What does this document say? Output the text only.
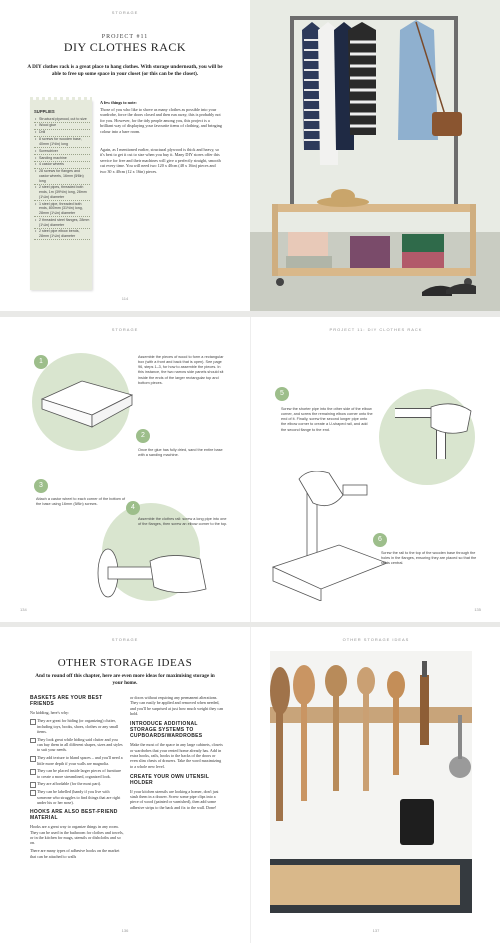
STORAGE
PROJECT #11
DIY CLOTHES RACK
A DIY clothes rack is a great place to hang clothes. With storage underneath, you will be able to free up some space in your closet (or this can be the closet).
SUPPLIES
• Structural plywood, cut to size
• Wood glue
• Drill
• 8 screws for wooden base, 40mm (1½in) long
• Screwdriver
• Sanding machine
• 4 castor wheels
• 28 screws for flanges and castor wheels, 16mm (5⁄8in) long
• 2 steel pipes, threaded both ends, 1m (39½in) long, 28mm (1¼in) diameter
• 1 steel pipe, threaded both ends, 800mm (31½in) long, 28mm (1¼in) diameter
• 2 threaded steel flanges, 28mm (1¼in) diameter
• 2 steel pipe elbow bends, 28mm (1¼in) diameter
A few things to note:

Those of you who like to shove as many clothes as possible into your wardrobe, force the doors closed and then run away, this is probably not for you. However, for the tidy people among you, this project is a brilliant way of displaying your favourite items of clothing, and bringing colour into a bare room.

Again, as I mentioned earlier, structural plywood is thick and heavy, so it's best to get it cut to size when you buy it. Many DIY stores offer this service for free and their machines will give a perfectly straight, smooth cut every time. You will need two 120 x 40cm (48 x 16in) pieces and two 30 x 40cm (12 x 16in) pieces.

114
STORAGE
1

Assemble the pieces of wood to form a rectangular box (with a front and back that is open). See page 96, steps 1–3, for how to assemble the pieces. In this instance, the two narrow side panels should sit inside the ends of the larger rectangular top and bottom pieces.

2

Once the glue has fully dried, sand the entire base with a sanding machine.

3

Attach a castor wheel to each corner of the bottom of the base using 16mm (5⁄8in) screws.	4

Assemble the clothes rail: screw a long pipe into one of the flanges, then screw an elbow corner to the top.

134
PROJECT 11: DIY CLOTHES RACK
5

Screw the shorter pipe into the other side of the elbow corner, and screw the remaining elbow corner onto the end of it. Finally, screw the second longer pipe onto the elbow corner to create a U-shaped rail, and add the second flange to the end.

6

Screw the rail to the top of the wooden base through the holes in the flanges, ensuring they are placed so that the rail is central.

135
STORAGE
OTHER STORAGE IDEAS
And to round off this chapter, here are even more ideas for maximising storage in your home.
BASKETS ARE YOUR BEST FRIENDS

No kidding, here's why:

They are great for hiding (or organizing) clutter, including toys, books, shoes, clothes or any small items.
They look great while hiding said clutter and you can buy them in all different shapes, sizes and styles to suit your needs.
They add texture to bland spaces – and you'll need a little more depth if your walls are magnolia.
They can be placed inside larger pieces of furniture to create a more streamlined, organized look.
They are affordable (for the most part).
They can be labelled (handy if you live with someone who struggles to find things that are right under his or her nose).
HOOKS ARE ALSO BEST-FRIEND MATERIAL

Hooks are a great way to organize things in any room. They can be used in the bathroom for clothes and towels, or in the kitchen for mugs, utensils or dishcloths and so on.

There are many types of adhesive hooks on the market that can be attached to walls

or doors without requiring any permanent alterations. They can easily be applied and removed when needed, and you'll be surprised at just how much weight they can hold.

INTRODUCE ADDITIONAL STORAGE SYSTEMS TO CUPBOARDS/WARDROBES

Make the most of the space in any large cabinets, closets or wardrobes that your rented home already has. Add in extra hooks, rails, hooks to the backs of the doors or even slim chests of drawers. Take the word maximizing to a whole new level.

CREATE YOUR OWN UTENSIL HOLDER

If your kitchen utensils are looking a homer, don't just stash them in a drawer. Screw some pipe clips into a piece of wood (painted or varnished), then add some adhesive strips to the back and fix to the wall. Done!

136
OTHER STORAGE IDEAS
137
